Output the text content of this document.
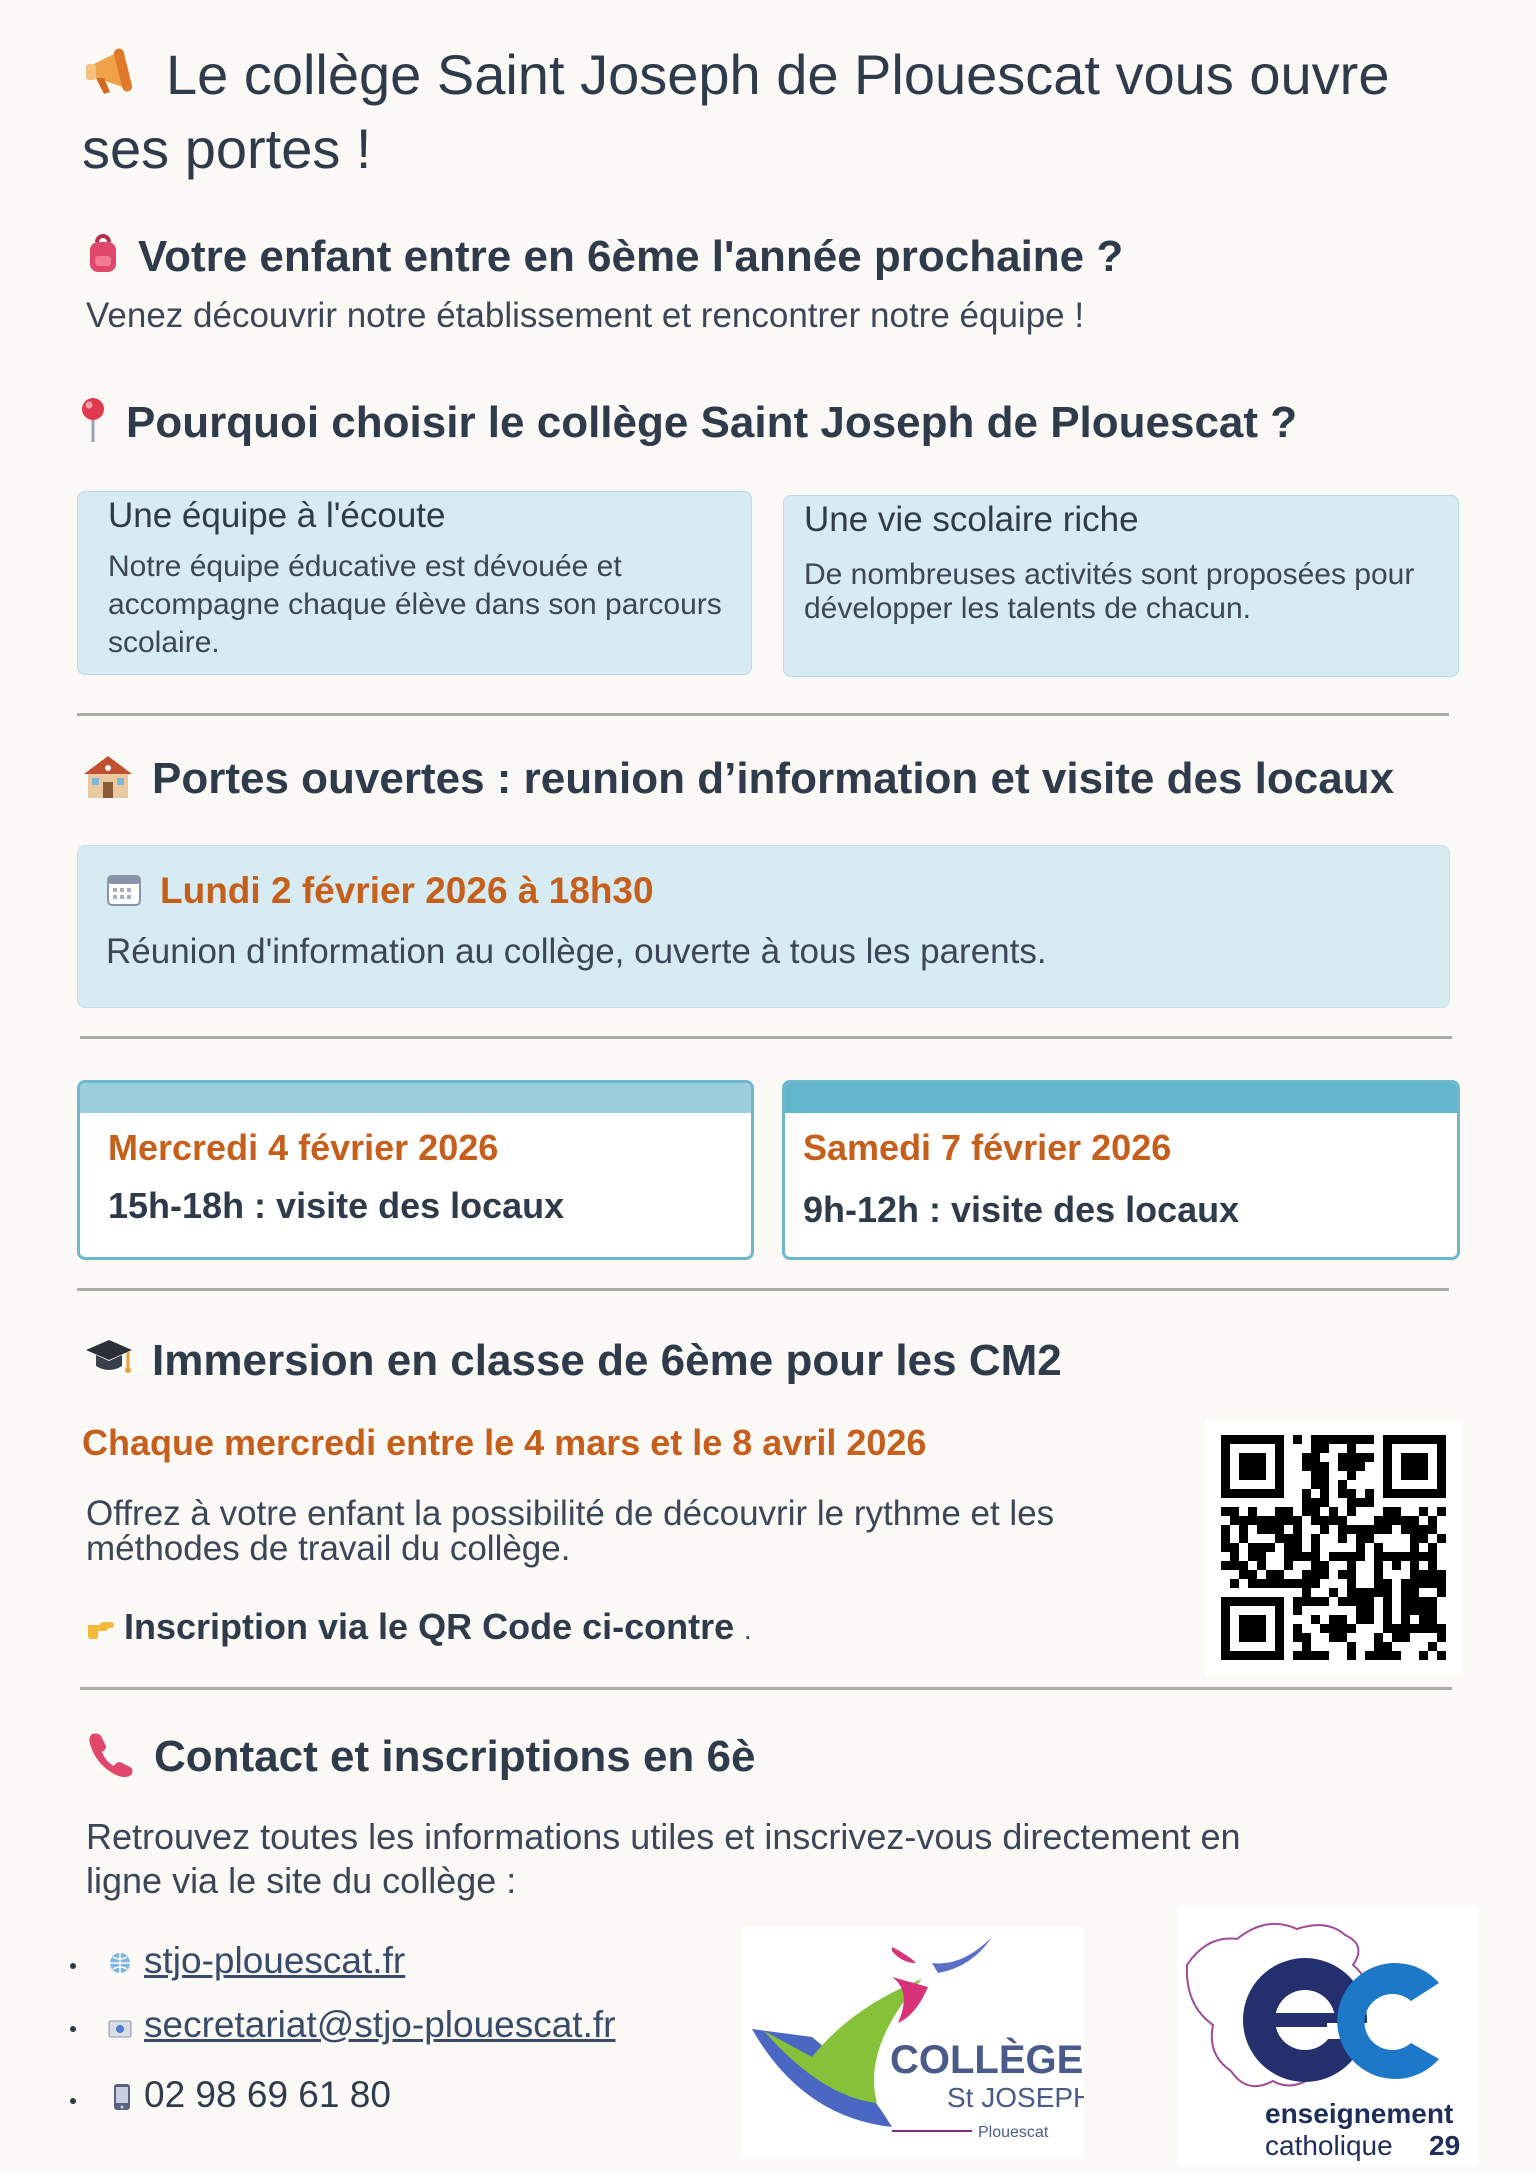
Le collège Saint Joseph de Plouescat vous ouvre ses portes !
Votre enfant entre en 6ème l'année prochaine ?
Venez découvrir notre établissement et rencontrer notre équipe !
Pourquoi choisir le collège Saint Joseph de Plouescat ?
Une équipe à l'écoute
Notre équipe éducative est dévouée et accompagne chaque élève dans son parcours scolaire.
Une vie scolaire riche
De nombreuses activités sont proposées pour développer les talents de chacun.
Portes ouvertes : reunion d’information et visite des locaux
Lundi 2 février 2026 à 18h30
Réunion d'information au collège, ouverte à tous les parents.
Mercredi 4 février 2026
15h-18h : visite des locaux
Samedi 7 février 2026
9h-12h : visite des locaux
Immersion en classe de 6ème pour les CM2
Chaque mercredi entre le 4 mars et le 8 avril 2026
Offrez à votre enfant la possibilité de découvrir le rythme et les méthodes de travail du collège.
Inscription via le QR Code ci-contre .
Contact et inscriptions en 6è
Retrouvez toutes les informations utiles et inscrivez-vous directement en ligne via le site du collège :
stjo-plouescat.fr
secretariat@stjo-plouescat.fr
02 98 69 61 80
COLLÈGE
St JOSEPH
Plouescat
enseignement
catholique 29
